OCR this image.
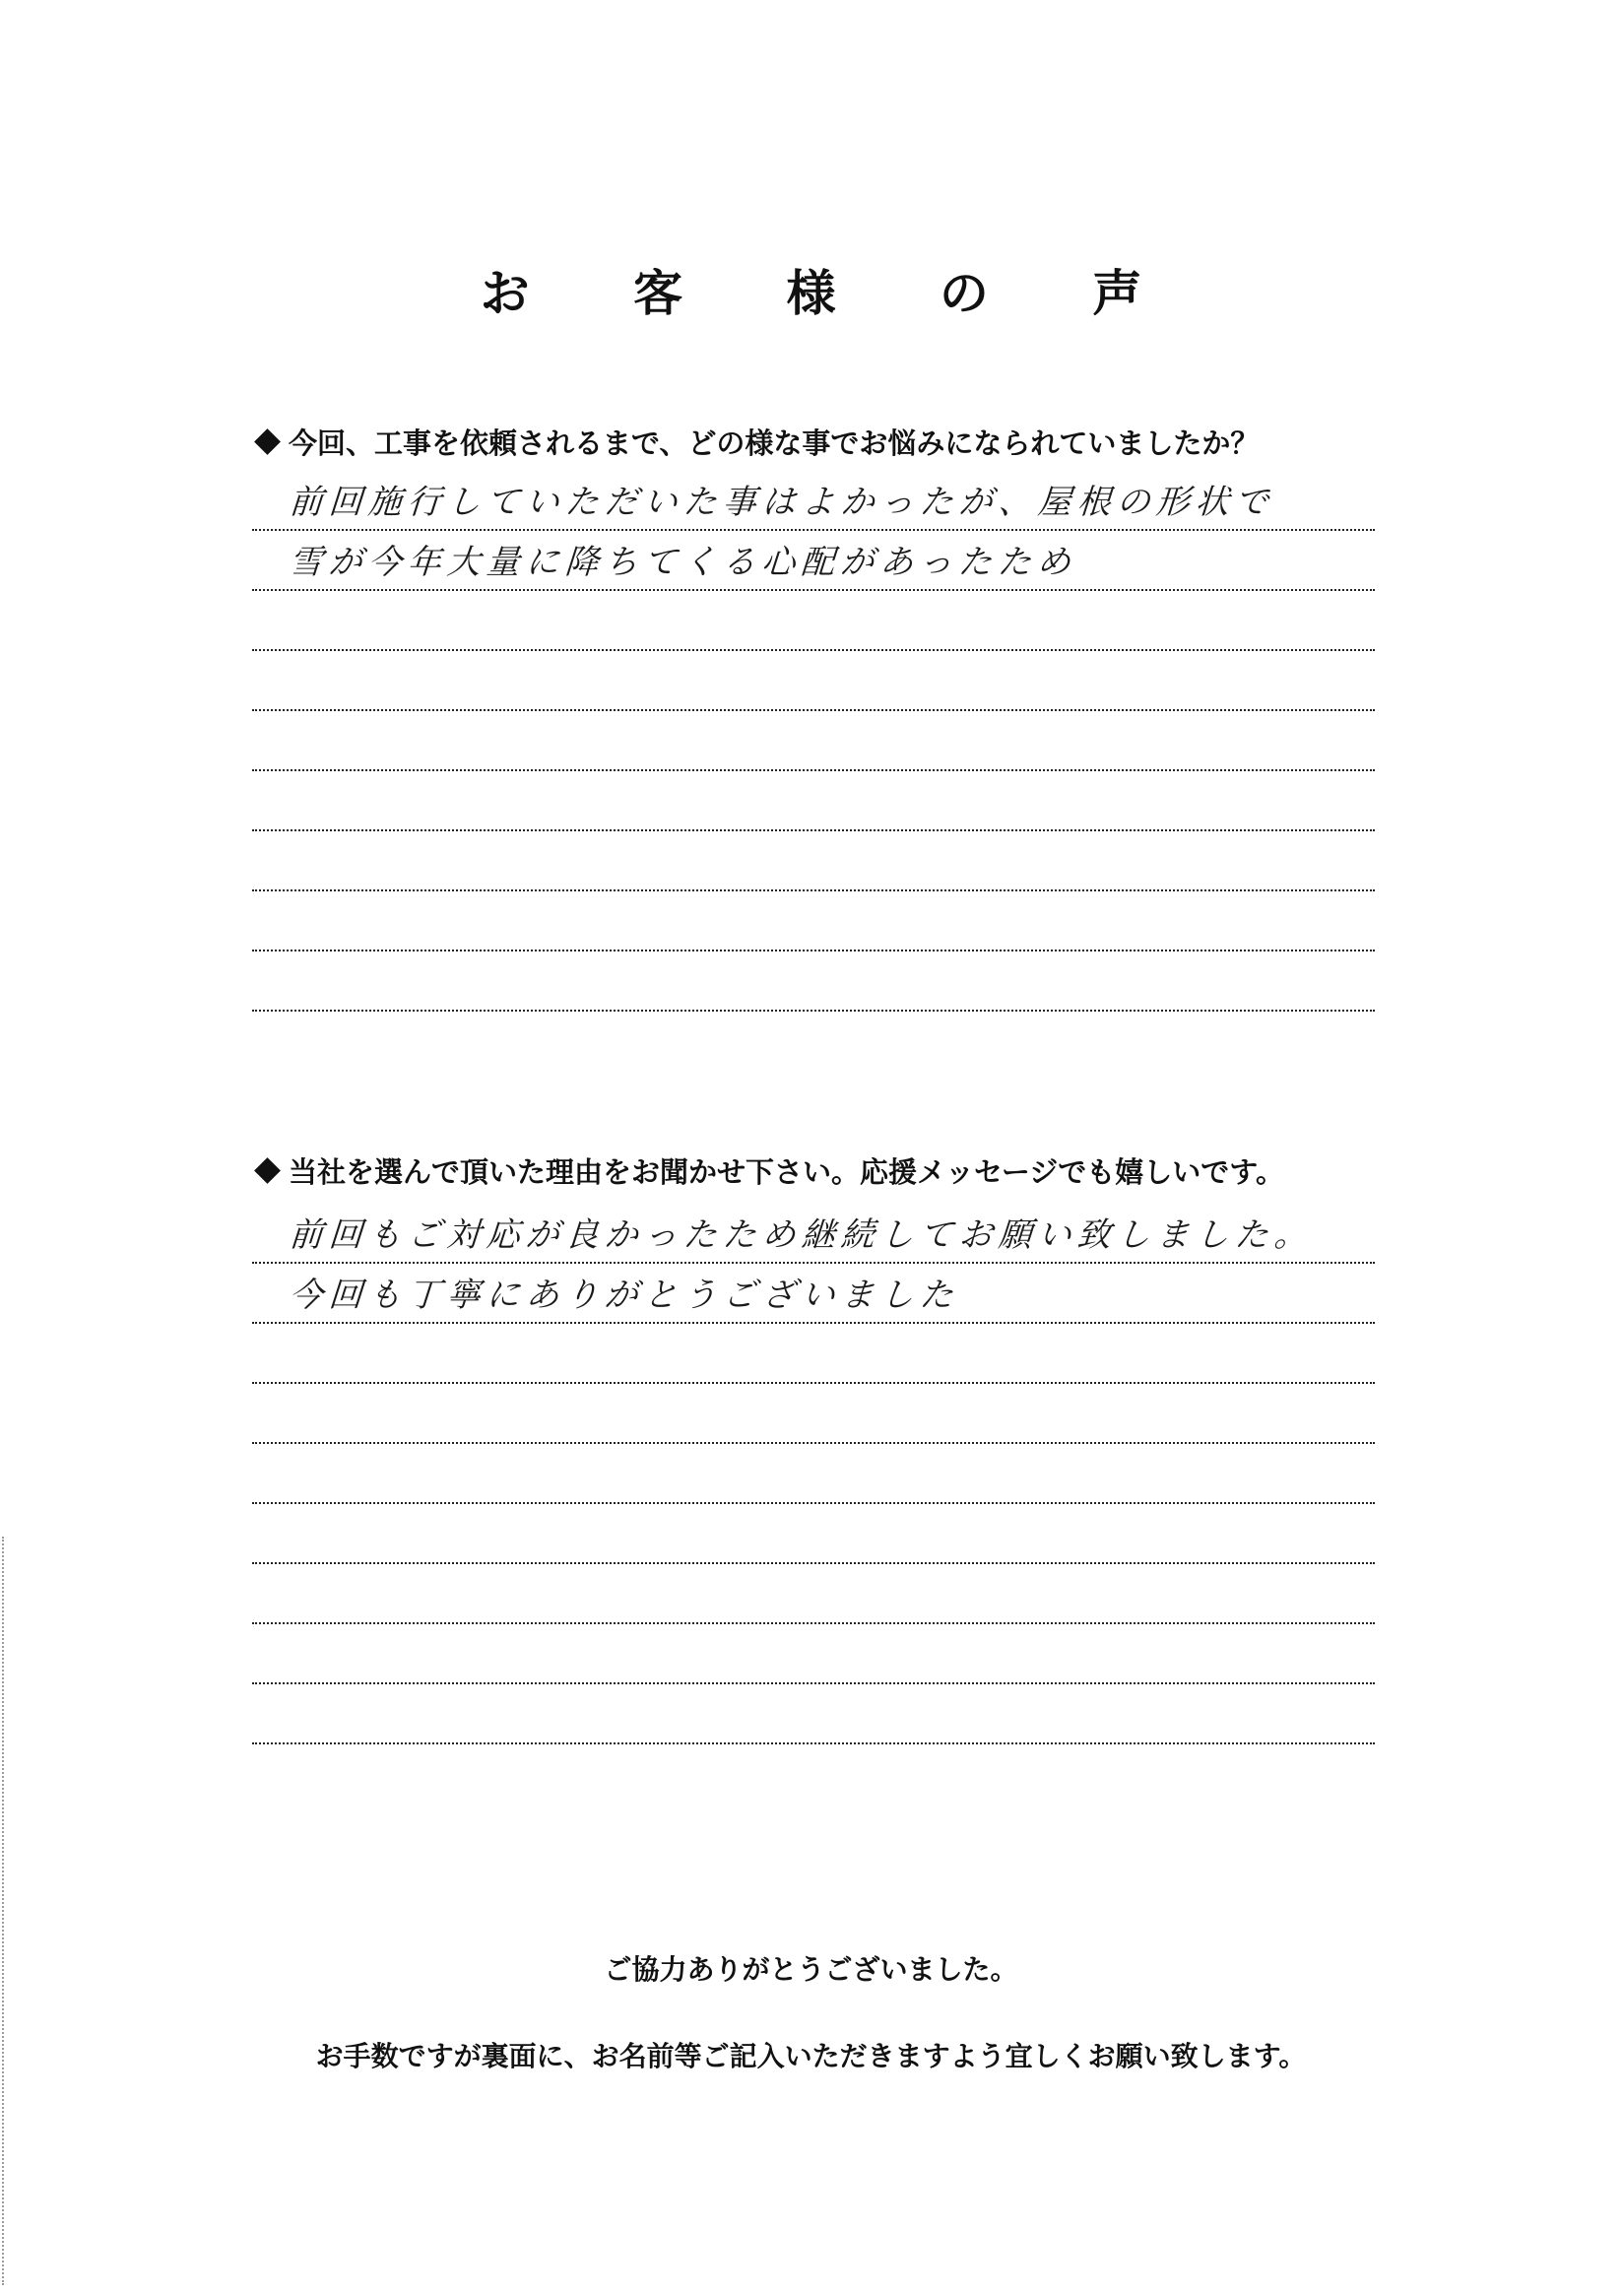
お 客 様 の 声
今回、工事を依頼されるまで、どの様な事でお悩みになられていましたか？
前回施行していただいた事はよかったが、屋根の形状で
雪が今年大量に降ちてくる心配があったため
当社を選んで頂いた理由をお聞かせ下さい。応援メッセージでも嬉しいです。
前回もご対応が良かったため継続してお願い致しました。
今回も丁寧にありがとうございました
ご協力ありがとうございました。
お手数ですが裏面に、お名前等ご記入いただきますよう宜しくお願い致します。
